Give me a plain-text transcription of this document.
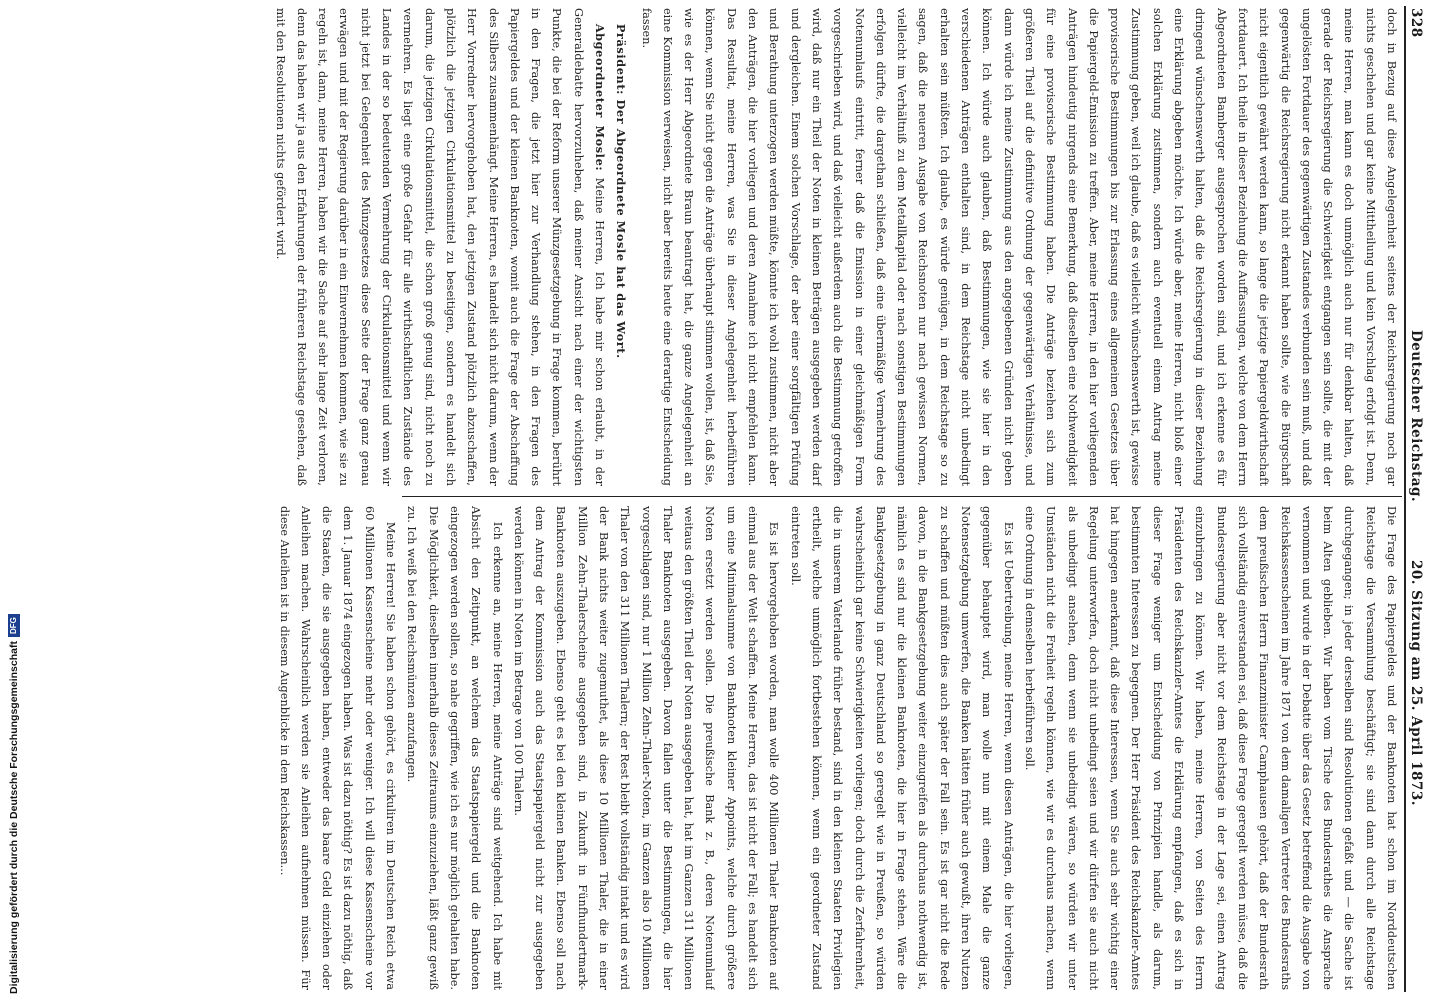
328
Deutscher Reichstag.
20. Sitzung am 25. April 1873.

doch in Bezug auf diese Angelegenheit seitens der Reichsregierung noch gar nichts geschehen und gar keine Mittheilung und kein Vorschlag erfolgt ist. Denn, meine Herren, man kann es doch unmöglich auch nur für denkbar halten, daß gerade der Reichsregierung die Schwierigkeit entgangen sein sollte, die mit der ungelösten Fortdauer des gegenwärtigen Zustandes verbunden sein muß, und daß gegenwärtig die Reichsregierung nicht erkannt haben sollte, wie die Bürgschaft nicht eigentlich gewährt werden kann, so lange die jetzige Papiergeldwirthschaft fortdauert. Ich theile in dieser Beziehung die Auffassungen, welche von dem Herrn Abgeordneten Bamberger ausgesprochen worden sind, und ich erkenne es für dringend wünschenswerth halten, daß die Reichsregierung in dieser Beziehung eine Erklärung abgeben möchte. Ich würde aber, meine Herren, nicht bloß einer solchen Erklärung zustimmen, sondern auch eventuell einem Antrag meine Zustimmung geben, weil ich glaube, daß es vielleicht wünschenswerth ist, gewisse provisorische Bestimmungen bis zur Erlassung eines allgemeinen Gesetzes über die Papiergeld-Emission zu treffen. Aber, meine Herren, in den hier vorliegenden Anträgen hindeutig nirgends eine Bemerkung, daß dieselben eine Nothwendigkeit für eine provisorische Bestimmung haben. Die Anträge beziehen sich zum größeren Theil auf die definitive Ordnung der gegenwärtigen Verhältnisse, und dann würde ich meine Zustimmung aus den angegebenen Gründen nicht geben können. Ich würde auch glauben, daß Bestimmungen, wie sie hier in den verschiedenen Anträgen enthalten sind, in dem Reichstage nicht unbedingt erhalten sein müßten. Ich glaube, es würde genügen, in dem Reichstage so zu sagen, daß die neueren Ausgabe von Reichsnoten nur nach gewissen Normen, vielleicht im Verhältniß zu dem Metallkapital oder nach sonstigen Bestimmungen erfolgen dürfte, die dargethan schließen, daß eine übermäßige Vermehrung des Notenumlaufs eintritt, ferner daß die Emission in einer gleichmäßigen Form vorgeschrieben wird, und daß vielleicht außerdem auch die Bestimmung getroffen wird, daß nur ein Theil der Noten in kleinen Beträgen ausgegeben werden darf und dergleichen. Einem solchen Vorschlage, der aber einer sorgfältigen Prüfung und Berathung unterzogen werden müßte, könnte ich wohl zustimmen, nicht aber den Anträgen, die hier vorliegen und deren Annahme ich nicht empfehlen kann. Das Resultat, meine Herren, was Sie in dieser Angelegenheit herbeiführen können, wenn Sie nicht gegen die Anträge überhaupt stimmen wollen, ist, daß Sie, wie es der Herr Abgeordnete Braun beantragt hat, die ganze Angelegenheit an eine Kommission verweisen, nicht aber bereits heute eine derartige Entscheidung fassen.

Präsident: Der Abgeordnete Mosle hat das Wort.

Abgeordneter Mosle: Meine Herren, Ich habe mir schon erlaubt, in der Generaldebatte hervorzuheben, daß meiner Ansicht nach einer der wichtigsten Punkte, die bei der Reform unserer Münzgesetzgebung in Frage kommen, berührt in den Fragen, die jetzt hier zur Verhandlung stehen, in den Fragen des Papiergeldes und der kleinen Banknoten, womit auch die Frage der Abschaffung des Silbers zusammenhängt. Meine Herren, es handelt sich nicht darum, wenn der Herr Vorredner hervorgehoben hat, den jetzigen Zustand plötzlich abzuschaffen, plötzlich die jetzigen Cirkulationsmittel zu beseitigen, sondern es handelt sich darum, die jetzigen Cirkulationsmittel, die schon groß genug sind, nicht noch zu vermehren. Es liegt eine große Gefahr für alle wirthschaftlichen Zustände des Landes in der so bedeutenden Vermehrung der Cirkulationsmittel und wenn wir nicht jetzt bei Gelegenheit des Münzgesetzes diese Seite der Frage ganz genau erwägen und mit der Regierung darüber in ein Einvernehmen kommen, wie sie zu regeln ist, dann, meine Herren, haben wir die Sache auf sehr lange Zeit verloren, denn das haben wir ja aus den Erfahrungen der früheren Reichstage gesehen, daß mit den Resolutionen nichts gefördert wird.

Die Frage des Papiergeldes und der Banknoten hat schon im Norddeutschen Reichstage die Versammlung beschäftigt; sie sind dann durch alle Reichstage durchgegangen; in jeder derselben sind Resolutionen gefaßt und — die Sache ist beim Alten geblieben. Wir haben vom Tische des Bundesrathes die Ansprache vernommen und wurde in der Debatte über das Gesetz betreffend die Ausgabe von Reichskassenscheinen im Jahre 1871 von dem damaligen Vertreter des Bundesraths dem preußischen Herrn Finanzminister Camphausen gehört, daß der Bundesrath sich vollständig einverstanden sei, daß diese Frage geregelt werden müsse, daß die Bundesregierung aber nicht vor dem Reichstage in der Lage sei, einen Antrag einzubringen zu können. Wir haben, meine Herren, von Seiten des Herrn Präsidenten des Reichskanzler-Amtes die Erklärung empfangen, daß es sich in dieser Frage weniger um Entscheidung von Prinzipien handle, als darum, bestimmten Interessen zu begegnen. Der Herr Präsident des Reichskanzler-Amtes hat hingegen anerkannt, daß diese Interessen, wenn Sie auch sehr wichtig einer Regelung unterworfen, doch nicht unbedingt seien und wir dürfen sie auch nicht als unbedingt ansehen, denn wenn sie unbedingt wären, so würden wir unter Umständen nicht die Freiheit regeln können, wie wir es durchaus machen, wenn eine Ordnung in demselben herbeiführen soll.

Es ist Uebertreibung, meine Herren, wenn diesen Anträgen, die hier vorliegen, gegenüber behauptet wird, man wolle nun mit einem Male die ganze Notensetzgebung umwerfen, die Banken hätten früher auch gewußt, ihren Nutzen zu schaffen und müßten dies auch später der Fall sein. Es ist gar nicht die Rede davon, in die Bankgesetzgebung weiter einzugreifen als durchaus nothwendig ist, nämlich es sind nur die kleinen Banknoten, die hier in Frage stehen. Wäre die Bankgesetzgebung in ganz Deutschland so geregelt wie in Preußen, so würden wahrscheinlich gar keine Schwierigkeiten vorliegen; doch durch die Zerfahrenheit, die in unserem Vaterlande früher bestand, sind in den kleinen Staaten Privilegien ertheilt, welche unmöglich fortbestehen können, wenn ein geordneter Zustand eintreten soll.

Es ist hervorgehoben worden, man wolle 400 Millionen Thaler Banknoten auf einmal aus der Welt schaffen. Meine Herren, das ist nicht der Fall; es handelt sich um eine Minimalsumme von Banknoten kleiner Appoints, welche durch größere Noten ersetzt werden sollen. Die preußische Bank z. B., deren Notenumlauf weitaus den größten Theil der Noten ausgegeben hat, hat im Ganzen 311 Millionen Thaler Banknoten ausgegeben. Davon fallen unter die Bestimmungen, die hier vorgeschlagen sind, nur 1 Million Zehn-Thaler-Noten, im Ganzen also 10 Millionen Thaler von den 311 Millionen Thalern; der Rest bleibt vollständig intakt und es wird der Bank nichts weiter zugemuthet, als diese 10 Millionen Thaler, die in einer Million Zehn-Thalerscheine ausgegeben sind, in Zukunft in Fünfhundertmark-Banknoten auszugeben. Ebenso geht es bei den kleinen Banken. Ebenso soll nach dem Antrag der Kommission auch das Staatspapiergeld nicht zur ausgegeben werden können in Noten im Betrage von 100 Thalern.

Ich erkenne an, meine Herren, meine Anträge sind weitgehend. Ich habe mit Absicht den Zeitpunkt, an welchem das Staatspapiergeld und die Banknoten eingezogen werden sollen, so nahe gegriffen, wie ich es nur möglich gehalten habe. Die Möglichkeit, dieselben innerhalb dieses Zeitraums einzuziehen, läßt ganz gewiß zu. Ich weiß bei den Reichsmünzen anzufangen.

Meine Herren! Sie haben schon gehört, es cirkuliren im Deutschen Reich etwa 60 Millionen Kassenscheine mehr oder weniger. Ich will diese Kassenscheine vor dem 1. Januar 1874 eingezogen haben. Was ist dazu nöthig? Es ist dazu nöthig, daß die Staaten, die sie ausgegeben haben, entweder das baare Geld einziehen oder Anleihen machen. Wahrscheinlich werden sie Anleihen aufnehmen müssen. Für diese Anleihen ist in diesem Augenblicke in dem Reichskassen...

Digitalisierung gefördert durch die Deutsche Forschungsgemeinschaft
DFG
